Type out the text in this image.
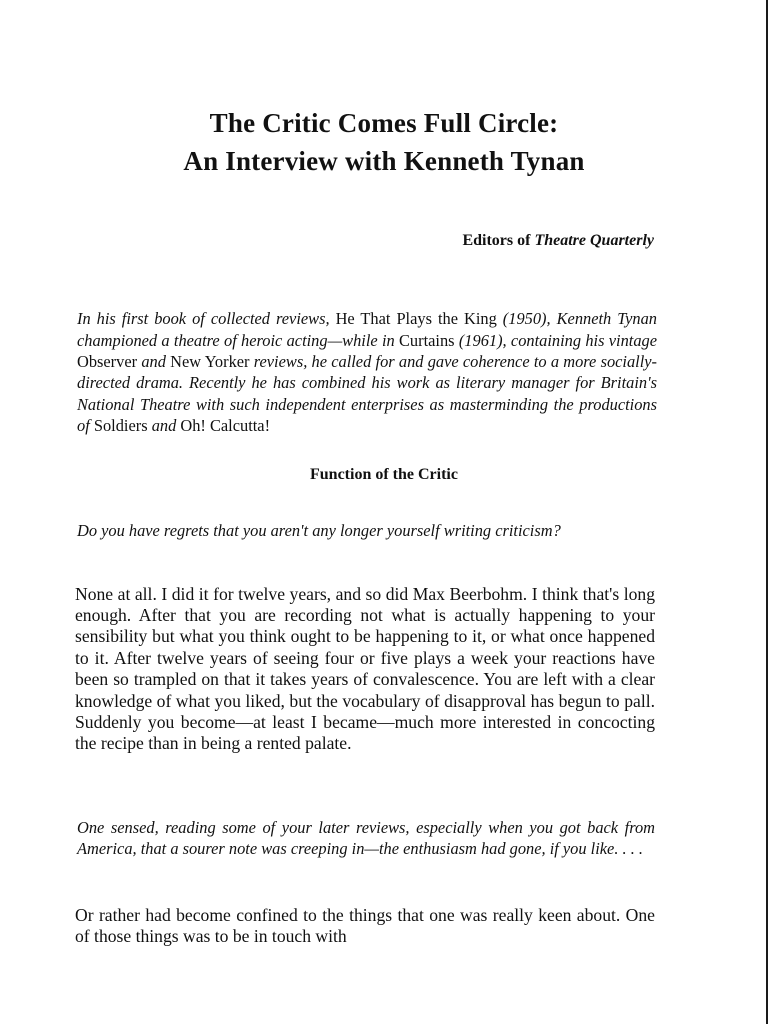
The Critic Comes Full Circle:
An Interview with Kenneth Tynan
Editors of Theatre Quarterly

In his first book of collected reviews, He That Plays the King (1950), Kenneth Tynan championed a theatre of heroic acting—while in Curtains (1961), containing his vintage Observer and New Yorker reviews, he called for and gave coherence to a more socially-directed drama. Recently he has combined his work as literary manager for Britain's National Theatre with such independent enterprises as masterminding the productions of Soldiers and Oh! Calcutta!

Function of the Critic

Do you have regrets that you aren't any longer yourself writing criticism?

None at all. I did it for twelve years, and so did Max Beerbohm. I think that's long enough. After that you are recording not what is actually happening to your sensibility but what you think ought to be happening to it, or what once happened to it. After twelve years of seeing four or five plays a week your reactions have been so trampled on that it takes years of convalescence. You are left with a clear knowledge of what you liked, but the vocabulary of disapproval has begun to pall. Suddenly you become—at least I became—much more interested in concocting the recipe than in being a rented palate.

One sensed, reading some of your later reviews, especially when you got back from America, that a sourer note was creeping in—the enthusiasm had gone, if you like. . . .

Or rather had become confined to the things that one was really keen about. One of those things was to be in touch with
